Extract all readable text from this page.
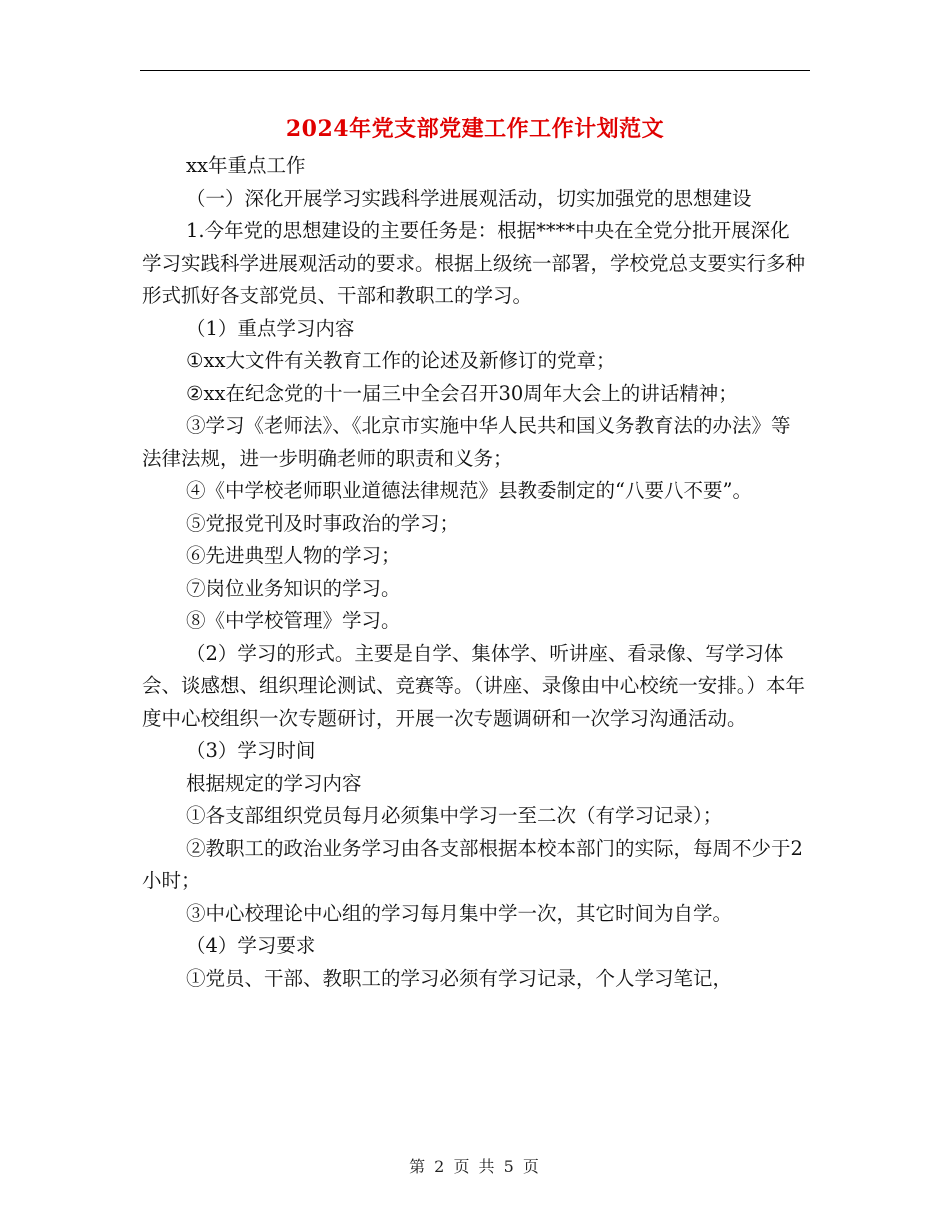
2024年党支部党建工作工作计划范文

xx年重点工作

（一）深化开展学习实践科学进展观活动，切实加强党的思想建设

1.今年党的思想建设的主要任务是：根据****中央在全党分批开展深化学习实践科学进展观活动的要求。根据上级统一部署，学校党总支要实行多种形式抓好各支部党员、干部和教职工的学习。

（1）重点学习内容

①xx大文件有关教育工作的论述及新修订的党章；

②xx在纪念党的十一届三中全会召开30周年大会上的讲话精神；

③学习《老师法》、《北京市实施中华人民共和国义务教育法的办法》等法律法规，进一步明确老师的职责和义务；

④《中学校老师职业道德法律规范》县教委制定的“八要八不要”。

⑤党报党刊及时事政治的学习；

⑥先进典型人物的学习；

⑦岗位业务知识的学习。

⑧《中学校管理》学习。

（2）学习的形式。主要是自学、集体学、听讲座、看录像、写学习体会、谈感想、组织理论测试、竞赛等。（讲座、录像由中心校统一安排。）本年度中心校组织一次专题研讨，开展一次专题调研和一次学习沟通活动。

（3）学习时间

根据规定的学习内容

①各支部组织党员每月必须集中学习一至二次（有学习记录）；

②教职工的政治业务学习由各支部根据本校本部门的实际，每周不少于2小时；

③中心校理论中心组的学习每月集中学一次，其它时间为自学。

（4）学习要求

①党员、干部、教职工的学习必须有学习记录，个人学习笔记，

第 2 页 共 5 页
